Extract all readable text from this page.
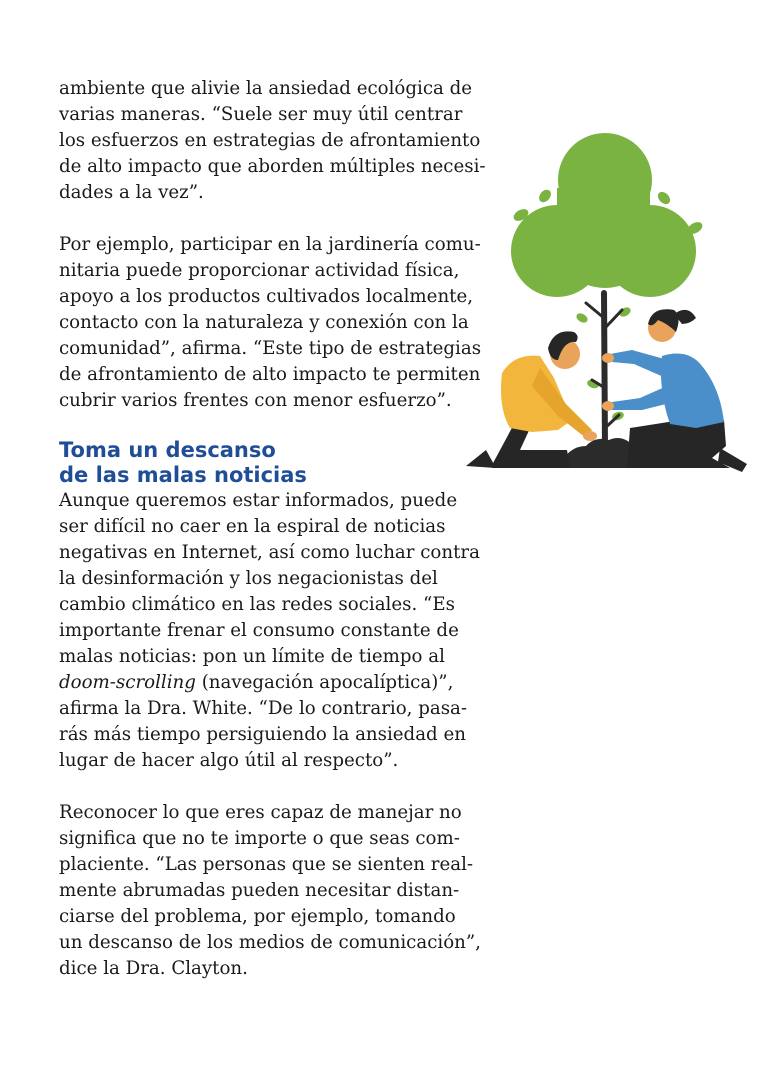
ambiente que alivie la ansiedad ecológica de
varias maneras. “Suele ser muy útil centrar
los esfuerzos en estrategias de afrontamiento
de alto impacto que aborden múltiples necesi-
dades a la vez”.

Por ejemplo, participar en la jardinería comu-
nitaria puede proporcionar actividad física,
apoyo a los productos cultivados localmente,
contacto con la naturaleza y conexión con la
comunidad”, afirma. “Este tipo de estrategias
de afrontamiento de alto impacto te permiten
cubrir varios frentes con menor esfuerzo”.

Toma un descanso
de las malas noticias

Aunque queremos estar informados, puede
ser difícil no caer en la espiral de noticias
negativas en Internet, así como luchar contra
la desinformación y los negacionistas del
cambio climático en las redes sociales. “Es
importante frenar el consumo constante de
malas noticias: pon un límite de tiempo al
doom-scrolling (navegación apocalíptica)”,
afirma la Dra. White. “De lo contrario, pasa-
rás más tiempo persiguiendo la ansiedad en
lugar de hacer algo útil al respecto”.

Reconocer lo que eres capaz de manejar no
significa que no te importe o que seas com-
placiente. “Las personas que se sienten real-
mente abrumadas pueden necesitar distan-
ciarse del problema, por ejemplo, tomando
un descanso de los medios de comunicación”,
dice la Dra. Clayton.
